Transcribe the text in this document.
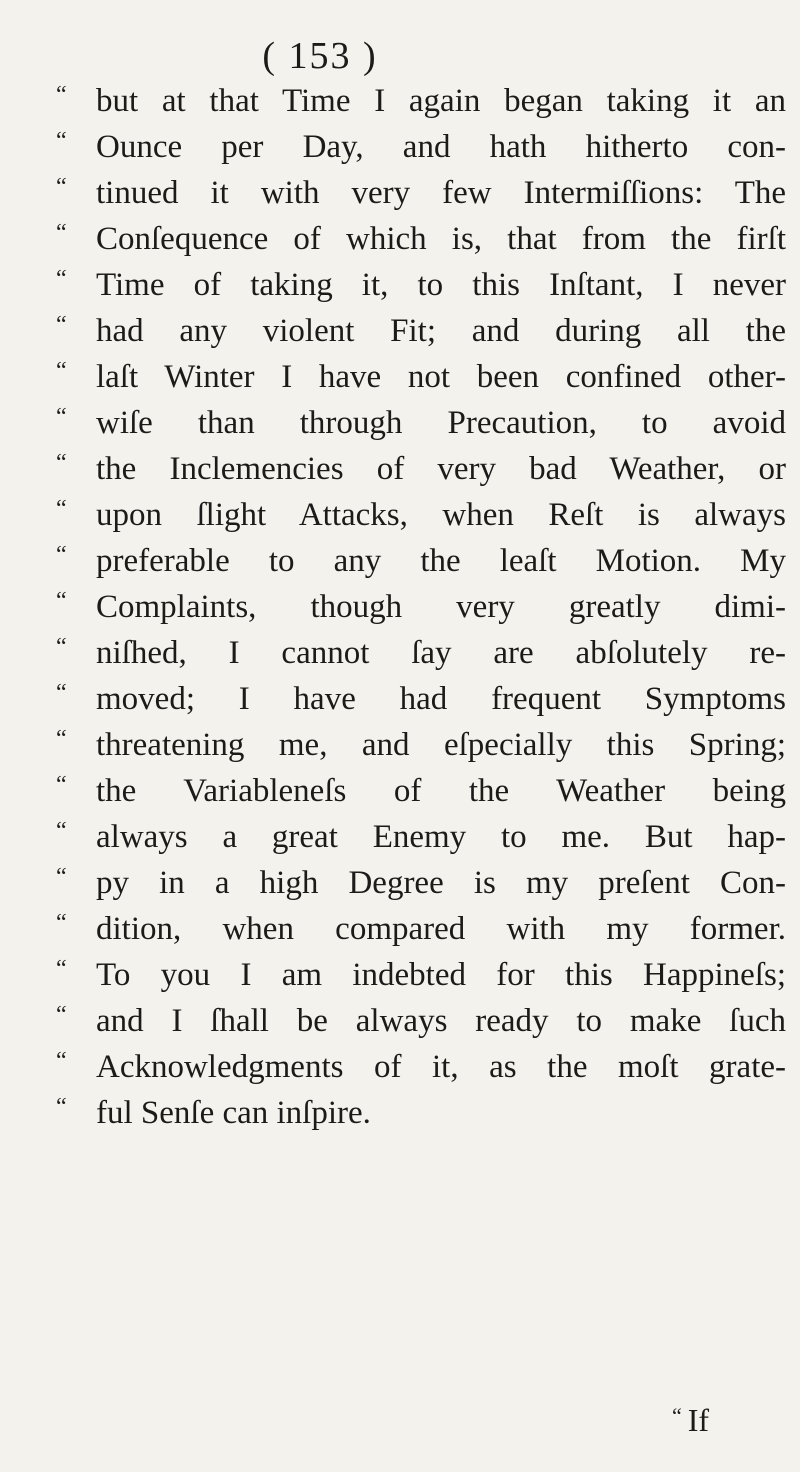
( 153 )
“ but at that Time I again began taking it an
“ Ounce per Day, and hath hitherto con-
“ tinued it with very few Intermiſſions: The
“ Conſequence of which is, that from the firſt
“ Time of taking it, to this Inſtant, I never
“ had any violent Fit; and during all the
“ laſt Winter I have not been confined other-
“ wiſe than through Precaution, to avoid
“ the Inclemencies of very bad Weather, or
“ upon ſlight Attacks, when Reſt is always
“ preferable to any the leaſt Motion. My
“ Complaints, though very greatly dimi-
“ niſhed, I cannot ſay are abſolutely re-
“ moved; I have had frequent Symptoms
“ threatening me, and eſpecially this Spring;
“ the Variableneſs of the Weather being
“ always a great Enemy to me. But hap-
“ py in a high Degree is my preſent Con-
“ dition, when compared with my former.
“ To you I am indebted for this Happineſs;
“ and I ſhall be always ready to make ſuch
“ Acknowledgments of it, as the moſt grate-
“ ful Senſe can inſpire.
“ If
